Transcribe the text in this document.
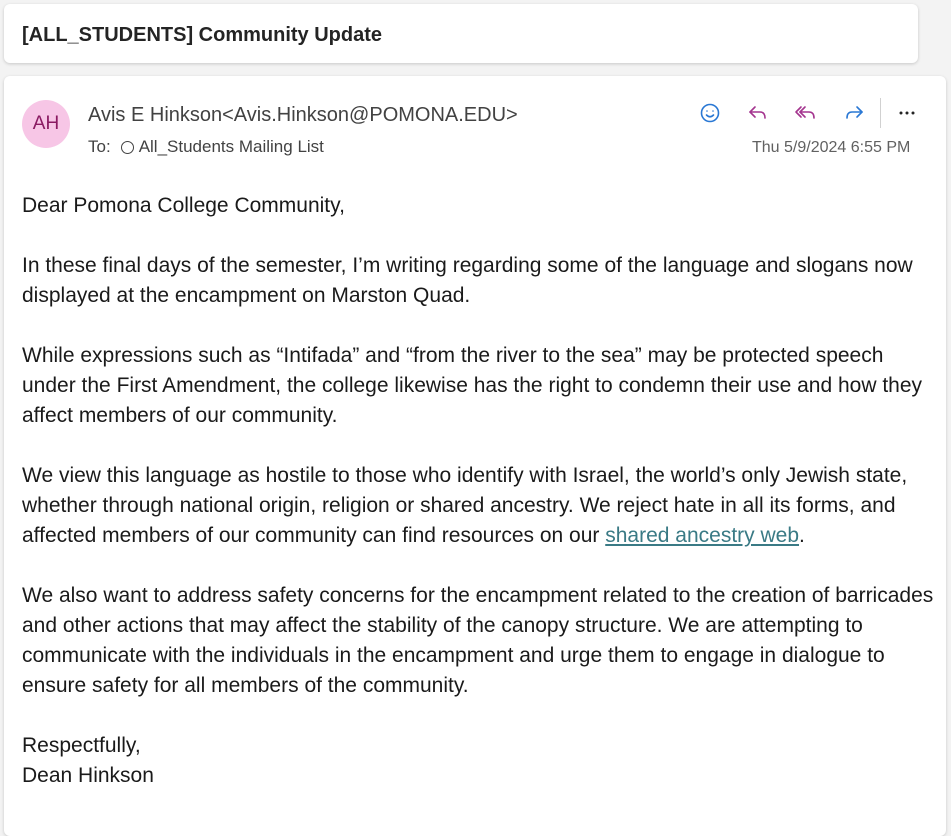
[ALL_STUDENTS] Community Update
AH	Avis E Hinkson<Avis.Hinkson@POMONA.EDU>
To: All_Students Mailing List	Thu 5/9/2024 6:55 PM

Dear Pomona College Community,

In these final days of the semester, I’m writing regarding some of the language and slogans now displayed at the encampment on Marston Quad.

While expressions such as “Intifada” and “from the river to the sea” may be protected speech under the First Amendment, the college likewise has the right to condemn their use and how they affect members of our community.

We view this language as hostile to those who identify with Israel, the world’s only Jewish state, whether through national origin, religion or shared ancestry. We reject hate in all its forms, and affected members of our community can find resources on our shared ancestry web.

We also want to address safety concerns for the encampment related to the creation of barricades and other actions that may affect the stability of the canopy structure. We are attempting to communicate with the individuals in the encampment and urge them to engage in dialogue to ensure safety for all members of the community.

Respectfully,

Dean Hinkson
